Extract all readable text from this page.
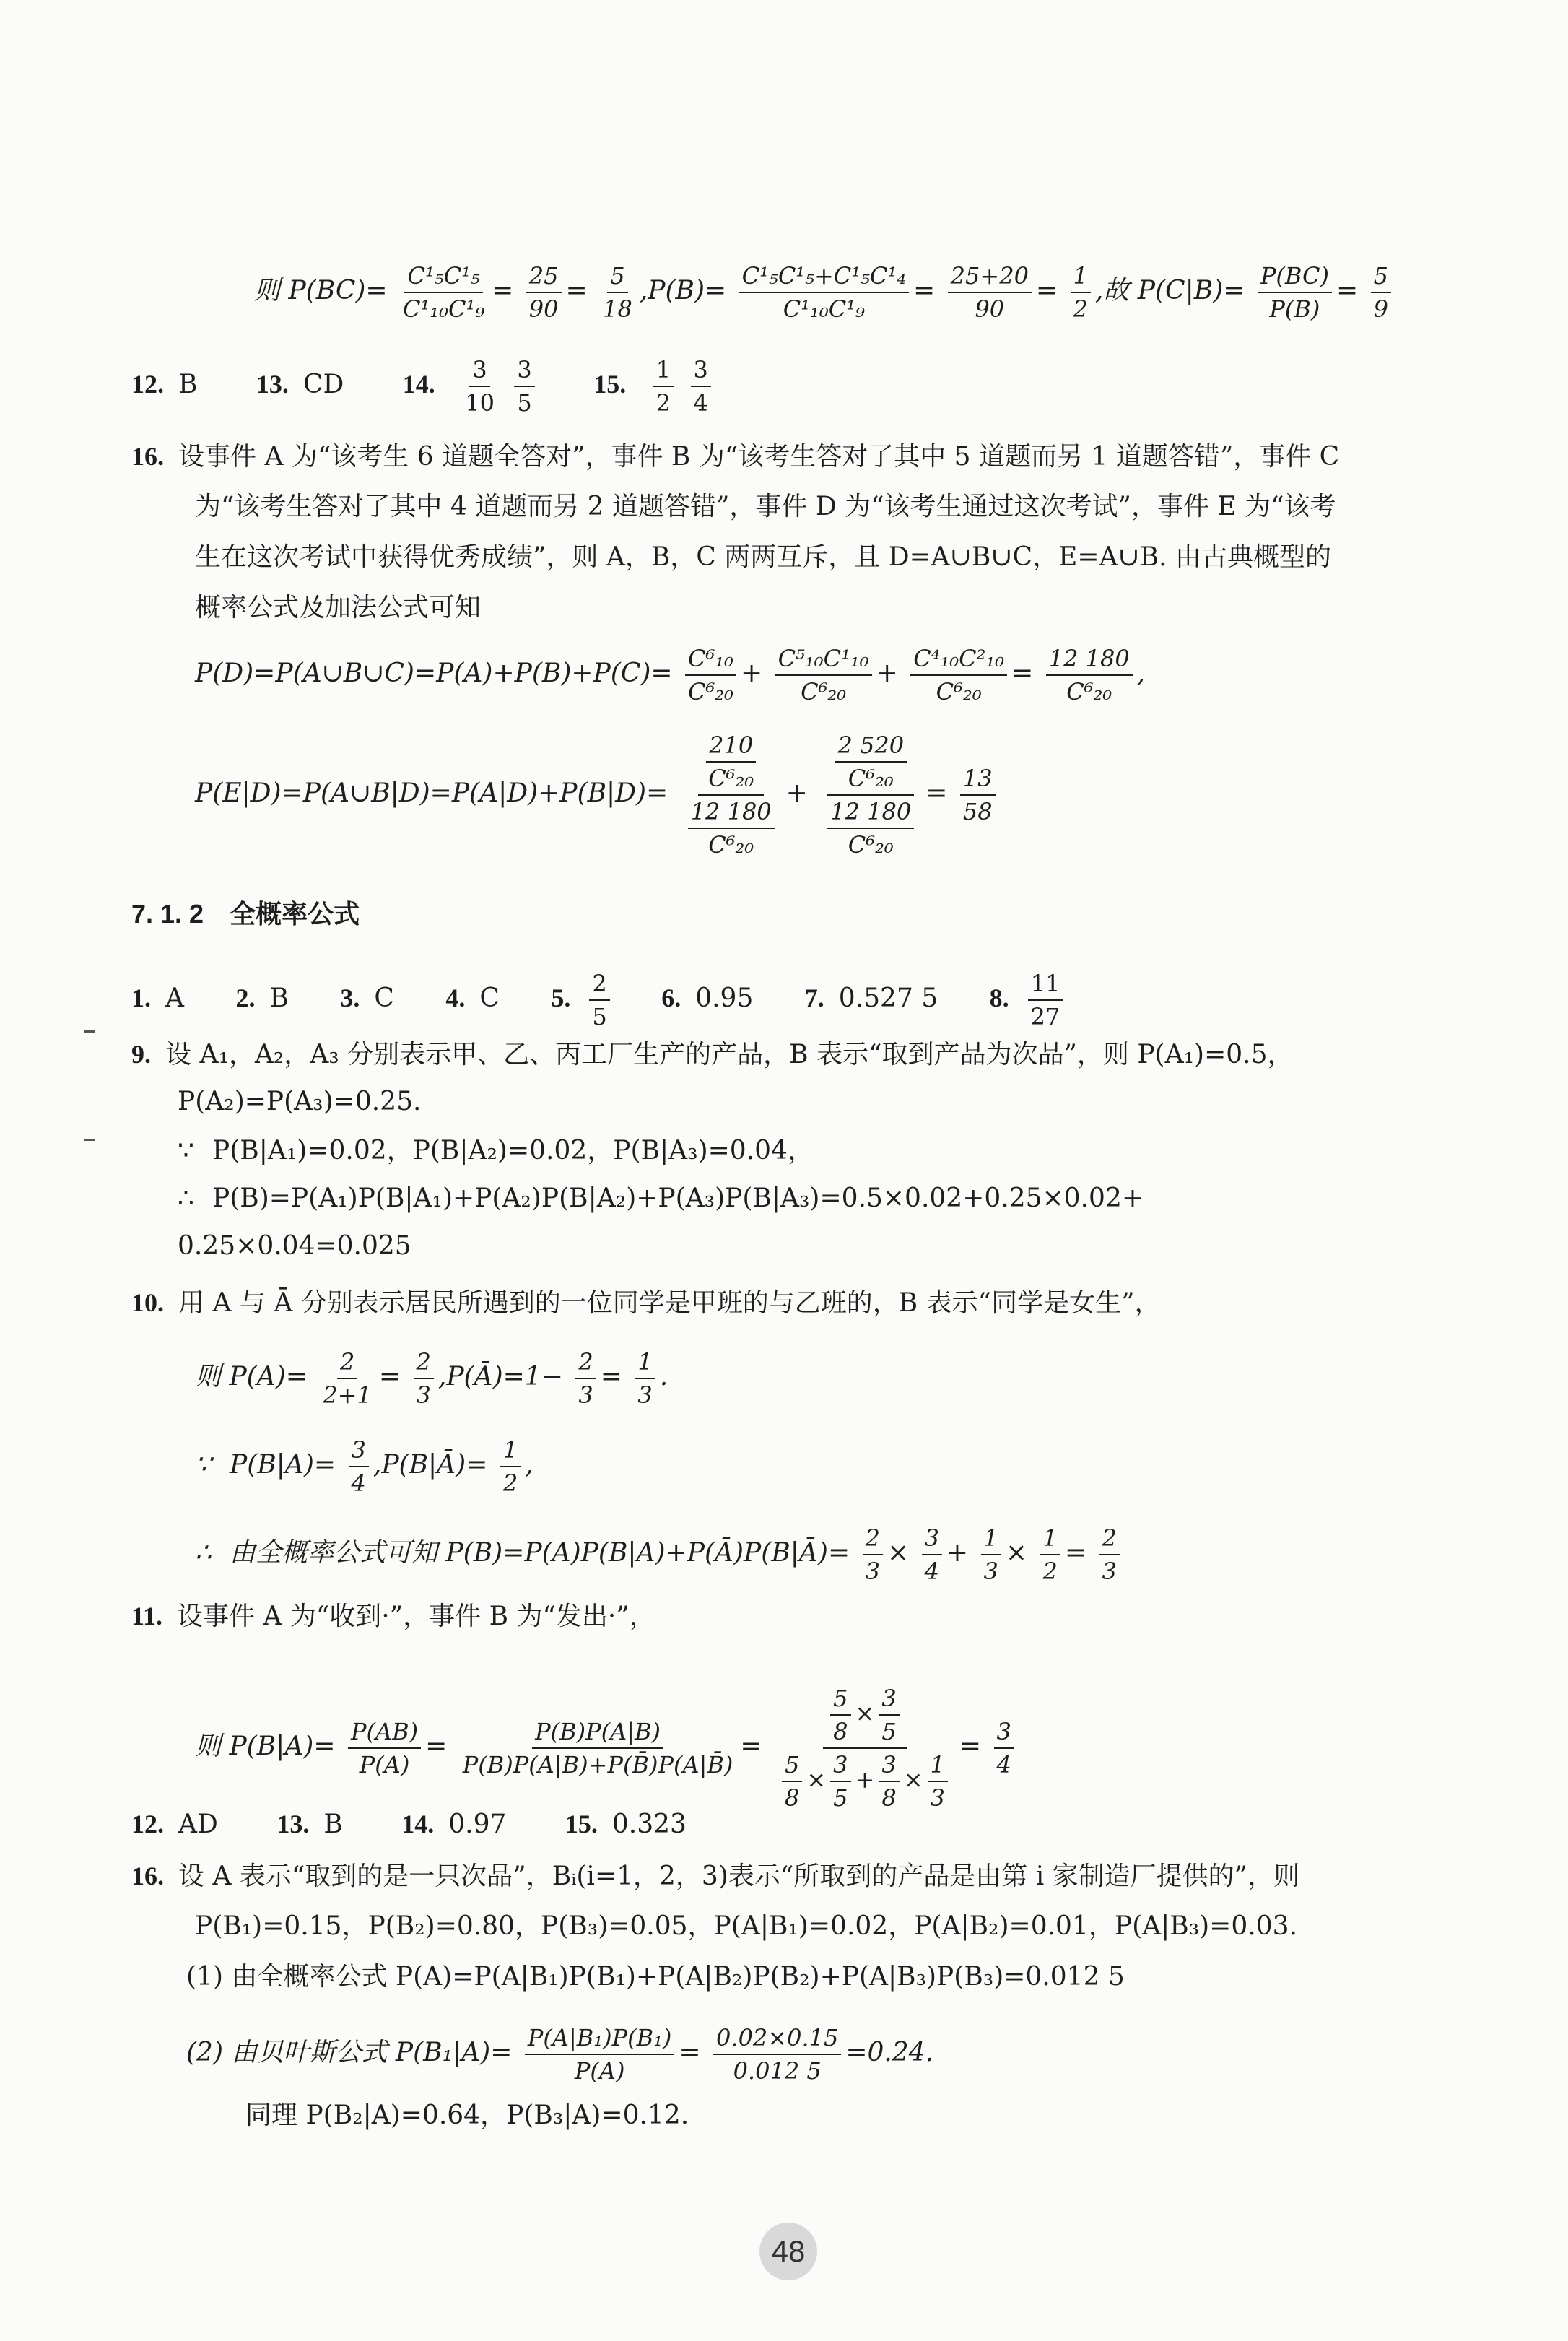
则 $P(BC)= \frac{\text{C¹₅C¹₅}}{\text{C¹₁₀C¹₉}} = \frac{25}{90} = \frac{5}{18} ,P(B)= \frac{\text{C¹₅C¹₅+C¹₅C¹₄}}{\text{C¹₁₀C¹₉}} = \frac{25+20}{90} = \frac{1}{2}$ ,故 $P(C|B)= \frac{P(BC)}{P(B)} = \frac{5}{9}$
12. B 13. CD 14. $\frac{3}{10}$
$\frac{3}{5} 15$. $\frac{1}{2}$
$\frac{3}{4}$
16. 设事件 A 为“该考生 6 道题全答对”，事件 B 为“该考生答对了其中 5 道题而另 1 道题答错”，事件 C
为“该考生答对了其中 4 道题而另 2 道题答错”，事件 D 为“该考生通过这次考试”，事件 E 为“该考
生在这次考试中获得优秀成绩”，则 A，B，C 两两互斥，且 D=A∪B∪C，E=A∪B. 由古典概型的
概率公式及加法公式可知
P(D)=P(A∪B∪C)=P(A)+P(B)+P(C)= $\frac{\text{C⁶₁₀}}{\text{C⁶₂₀}} + \frac{\text{C⁵₁₀C¹₁₀}}{\text{C⁶₂₀}} + \frac{\text{C⁴₁₀C²₁₀}}{\text{C⁶₂₀}} = \frac{12 180}{\text{C⁶₂₀}}$ ,
P(E|D)=P(A∪B|D)=P(A|D)+P(B|D)= $\frac{\frac{210}{\text{C⁶₂₀}}}{\frac{12 180}{\text{C⁶₂₀}}} + \frac{\frac{2 520}{\text{C⁶₂₀}}}{\frac{12 180}{\text{C⁶₂₀}}} = \frac{13}{58}$
7. 1. 2　全概率公式
1. A 2. B 3. C 4. C 5. $\frac{2}{5} 6$. 0.95 7. 0.527 5 8. $\frac{11}{27}$
9. 设 A₁，A₂，A₃ 分别表示甲、乙、丙工厂生产的产品，B 表示“取到产品为次品”，则 P(A₁)=0.5，
P(A₂)=P(A₃)=0.25.
∵ P(B|A₁)=0.02，P(B|A₂)=0.02，P(B|A₃)=0.04，
∴ P(B)=P(A₁)P(B|A₁)+P(A₂)P(B|A₂)+P(A₃)P(B|A₃)=0.5×0.02+0.25×0.02+
0.25×0.04=0.025
10. 用 A 与 Ā 分别表示居民所遇到的一位同学是甲班的与乙班的，B 表示“同学是女生”，
则 $P(A)= \frac{2}{2+1} = \frac{2}{3}$ ,P(Ā)=1− $\frac{2}{3} = \frac{1}{3}$ .
∵ $P(B|A)= \frac{3}{4}$ ,P(B|Ā)= $\frac{1}{2}$ ,
∴ 由全概率公式可知 P(B)=P(A)P(B|A)+P(Ā)P(B|Ā)= $\frac{2}{3} \times \frac{3}{4} + \frac{1}{3} \times \frac{1}{2} = \frac{2}{3}$
11. 设事件 A 为“收到·”，事件 B 为“发出·”，
则 $P(B|A)= \frac{P(AB)}{P(A)} = \frac{P(B)P(A|B)}{P(B)P(A|B)+P(B̄)P(A|B̄)} = \frac{\frac{5}{8} \times \frac{3}{5}}{\frac{5}{8} \times \frac{3}{5} + \frac{3}{8} \times \frac{1}{3}} = \frac{3}{4}$
12. AD 13. B 14. 0.97 15. 0.323
16. 设 A 表示“取到的是一只次品”，Bᵢ(i=1，2，3)表示“所取到的产品是由第 i 家制造厂提供的”，则
P(B₁)=0.15，P(B₂)=0.80，P(B₃)=0.05，P(A|B₁)=0.02，P(A|B₂)=0.01，P(A|B₃)=0.03.
(1) 由全概率公式 P(A)=P(A|B₁)P(B₁)+P(A|B₂)P(B₂)+P(A|B₃)P(B₃)=0.012 5
(2) 由贝叶斯公式 $P(B_1|A)= \frac{\text{P(A|B₁)P(B₁)}}{P(A)} = \frac{0.02\times 0.15}{0.012 5} =0.24$.
同理 P(B₂|A)=0.64，P(B₃|A)=0.12.
48
